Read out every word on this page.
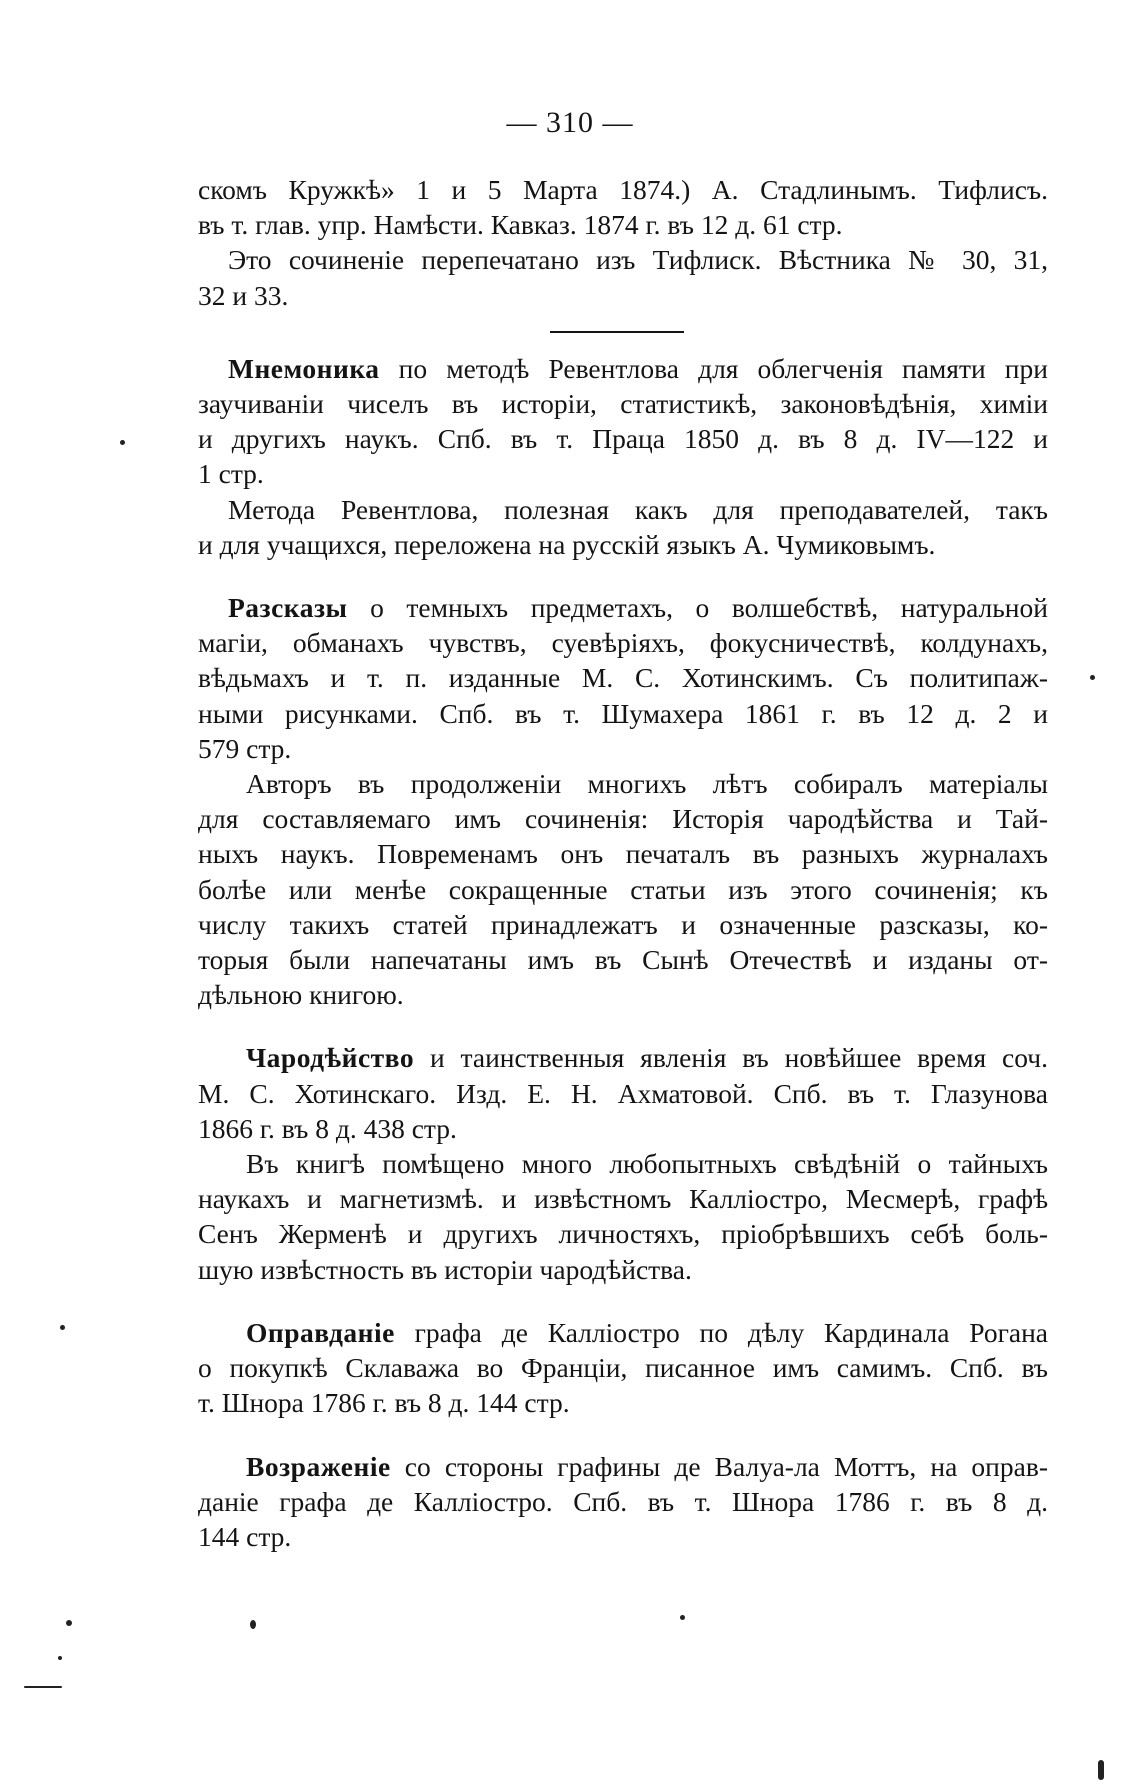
— 310 —
скомъ Кружкѣ» 1 и 5 Марта 1874.) А. Стадлинымъ. Тифлисъ.
въ т. глав. упр. Намѣсти. Кавказ. 1874 г. въ 12 д. 61 стр.
Это сочиненіе перепечатано изъ Тифлиск. Вѣстника № 30, 31,
32 и 33.
Мнемоника по методѣ Ревентлова для облегченія памяти при
заучиваніи чиселъ въ исторіи, статистикѣ, законовѣдѣнія, химіи
и другихъ наукъ. Спб. въ т. Праца 1850 д. въ 8 д. IV—122 и
1 стр.
Метода Ревентлова, полезная какъ для преподавателей, такъ
и для учащихся, переложена на русскій языкъ А. Чумиковымъ.
Разсказы о темныхъ предметахъ, о волшебствѣ, натуральной
магіи, обманахъ чувствъ, суевѣріяхъ, фокусничествѣ, колдунахъ,
вѣдьмахъ и т. п. изданные М. С. Хотинскимъ. Съ политипаж-
ными рисунками. Спб. въ т. Шумахера 1861 г. въ 12 д. 2 и
579 стр.
Авторъ въ продолженіи многихъ лѣтъ собиралъ матеріалы
для составляемаго имъ сочиненія: Исторія чародѣйства и Тай-
ныхъ наукъ. Повременамъ онъ печаталъ въ разныхъ журналахъ
болѣе или менѣе сокращенные статьи изъ этого сочиненія; къ
числу такихъ статей принадлежатъ и означенные разсказы, ко-
торыя были напечатаны имъ въ Сынѣ Отечествѣ и изданы от-
дѣльною книгою.
Чародѣйство и таинственныя явленія въ новѣйшее время соч.
М. С. Хотинскаго. Изд. Е. Н. Ахматовой. Спб. въ т. Глазунова
1866 г. въ 8 д. 438 стр.
Въ книгѣ помѣщено много любопытныхъ свѣдѣній о тайныхъ
наукахъ и магнетизмѣ. и извѣстномъ Калліостро, Месмерѣ, графѣ
Сенъ Жерменѣ и другихъ личностяхъ, пріобрѣвшихъ себѣ боль-
шую извѣстность въ исторіи чародѣйства.
Оправданіе графа де Калліостро по дѣлу Кардинала Рогана
о покупкѣ Склаважа во Франціи, писанное имъ самимъ. Спб. въ
т. Шнора 1786 г. въ 8 д. 144 стр.
Возраженіе со стороны графины де Валуа-ла Моттъ, на оправ-
даніе графа де Калліостро. Спб. въ т. Шнора 1786 г. въ 8 д.
144 стр.
